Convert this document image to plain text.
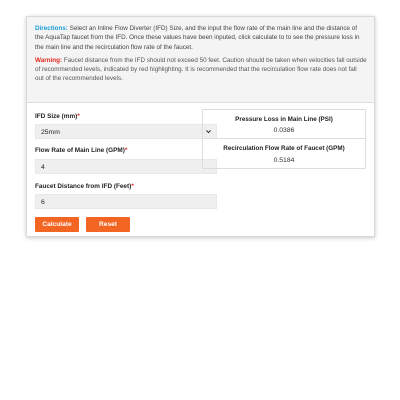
Directions: Select an Inline Flow Diverter (IFD) Size, and the input the flow rate of the main line and the distance of the AquaTap faucet from the IFD. Once these values have been inputed, click calculate to to see the pressure loss in the main line and the recirculation flow rate of the faucet.

Warning: Faucet distance from the IFD should not exceed 50 feet. Caution should be taken when velocities fall outside of recommended levels, indicated by red highlighting. It is recommended that the recirculation flow rate does not fall out of the recommended levels.

IFD Size (mm)*
25mm
Flow Rate of Main Line (GPM)*
4
Faucet Distance from IFD (Feet)*
6
Calculate	Reset
Pressure Loss in Main Line (PSI)
0.0386
Recirculation Flow Rate of Faucet (GPM)
0.5184
